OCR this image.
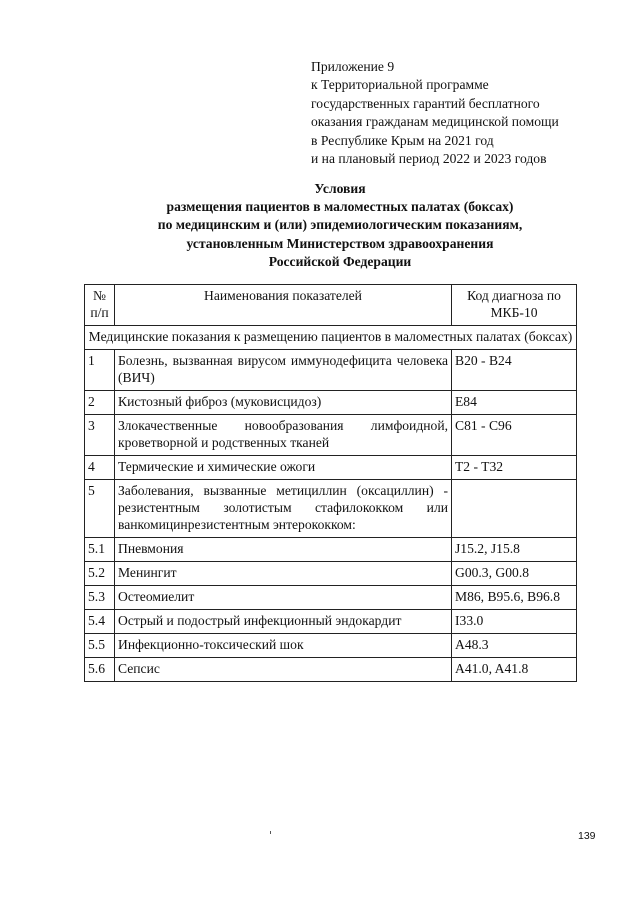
Приложение 9
к Территориальной программе
государственных гарантий бесплатного
оказания гражданам медицинской помощи
в Республике Крым на 2021 год
и на плановый период 2022 и 2023 годов
Условия
размещения пациентов в маломестных палатах (боксах)
по медицинским и (или) эпидемиологическим показаниям,
установленным Министерством здравоохранения
Российской Федерации
№ п/п	Наименования показателей	Код диагноза по МКБ-10
Медицинские показания к размещению пациентов в маломестных палатах (боксах)		
1	Болезнь, вызванная вирусом иммунодефицита человека (ВИЧ)	B20 - B24
2	Кистозный фиброз (муковисцидоз)	E84
3	Злокачественные новообразования лимфоидной, кроветворной и родственных тканей	C81 - C96
4	Термические и химические ожоги	T2 - T32
5	Заболевания, вызванные метициллин (оксациллин) - резистентным золотистым стафилококком или ванкомицинрезистентным энтерококком:	
5.1	Пневмония	J15.2, J15.8
5.2	Менингит	G00.3, G00.8
5.3	Остеомиелит	M86, B95.6, B96.8
5.4	Острый и подострый инфекционный эндокардит	I33.0
5.5	Инфекционно-токсический шок	A48.3
5.6	Сепсис	A41.0, A41.8
139
